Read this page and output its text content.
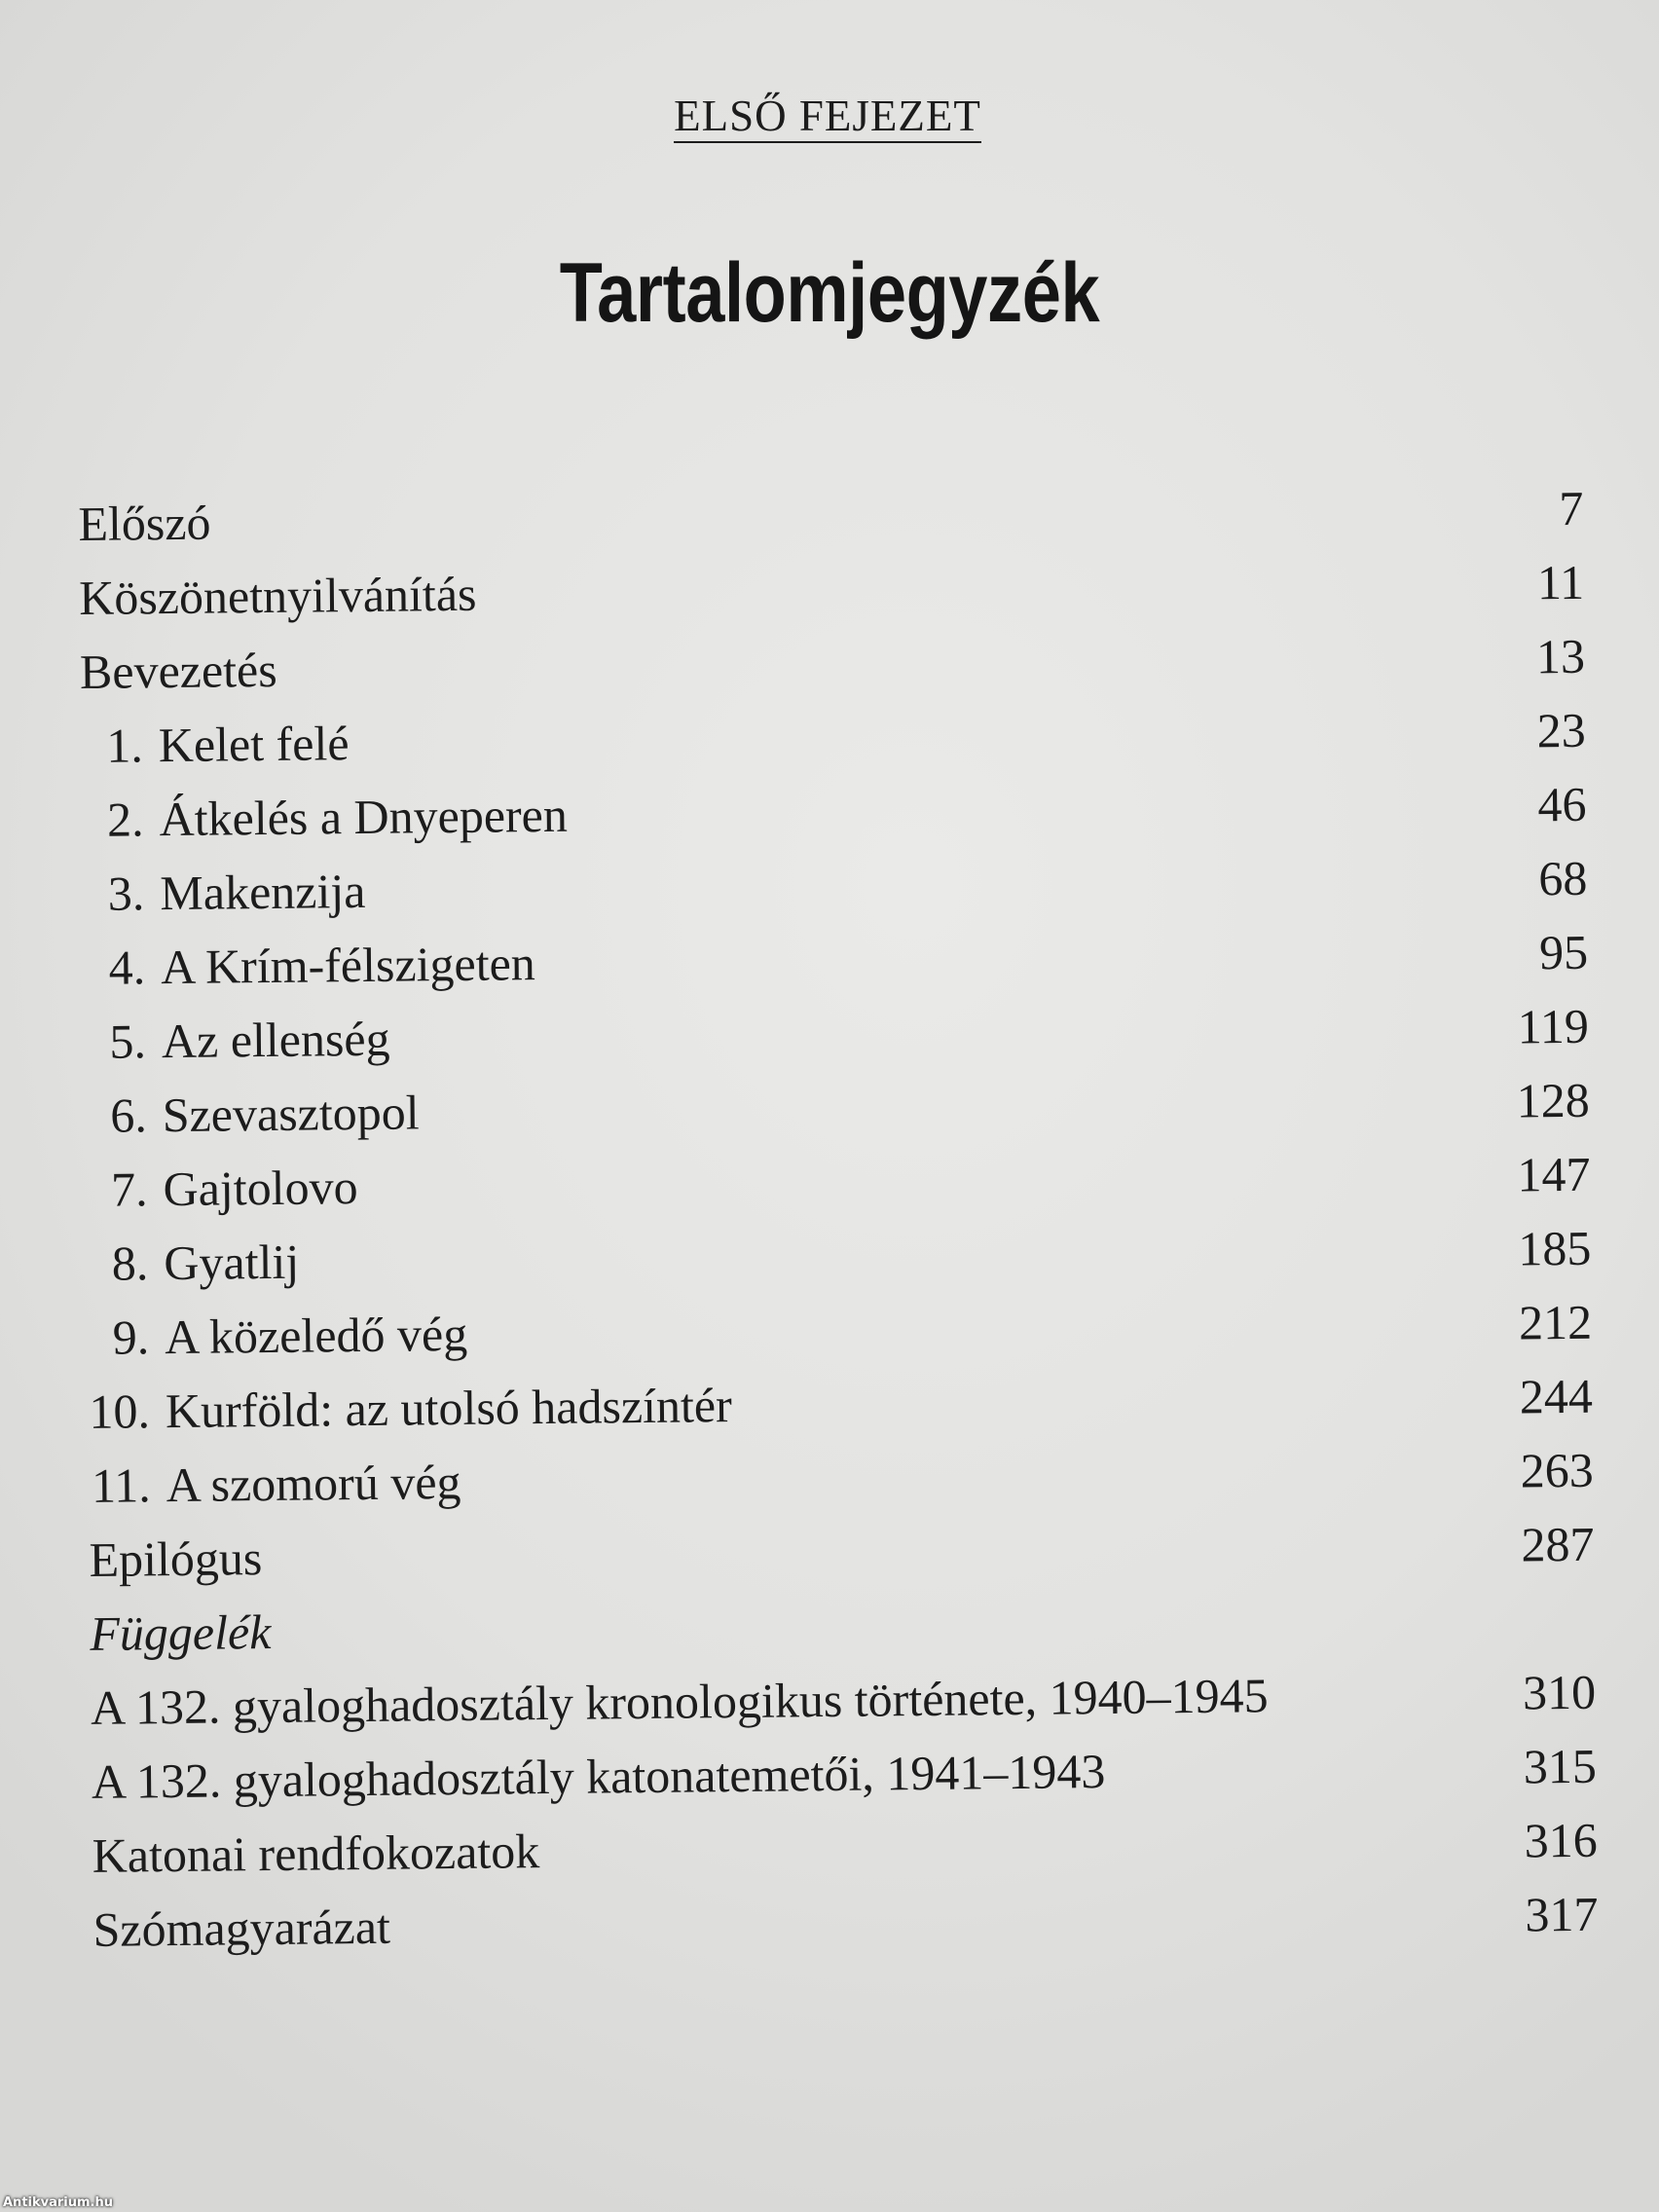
ELSŐ FEJEZET
Tartalomjegyzék
Előszó	7
Köszönetnyilvánítás	11
Bevezetés	13
1. Kelet felé	23
2. Átkelés a Dnyeperen	46
3. Makenzija	68
4. A Krím-félszigeten	95
5. Az ellenség	119
6. Szevasztopol	128
7. Gajtolovo	147
8. Gyatlij	185
9. A közeledő vég	212
10. Kurföld: az utolsó hadszíntér	244
11. A szomorú vég	263
Epilógus	287
Függelék
A 132. gyaloghadosztály kronologikus története, 1940–1945	310
A 132. gyaloghadosztály katonatemetői, 1941–1943	315
Katonai rendfokozatok	316
Szómagyarázat	317
Antikvarium.hu
